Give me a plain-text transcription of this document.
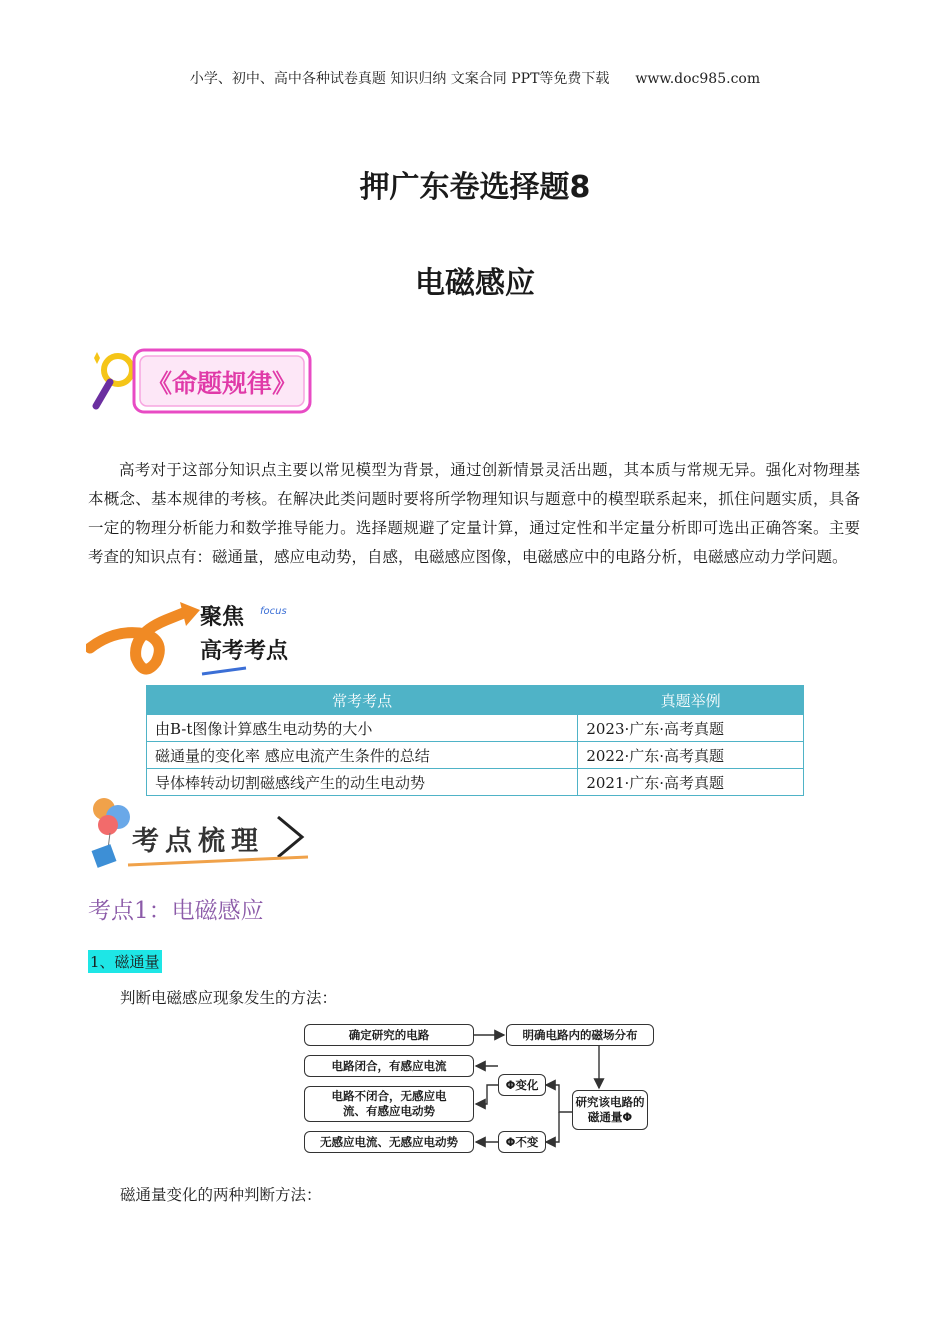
小学、初中、高中各种试卷真题 知识归纳 文案合同 PPT等免费下载 www.doc985.com
押广东卷选择题8
电磁感应
《命题规律》
高考对于这部分知识点主要以常见模型为背景，通过创新情景灵活出题，其本质与常规无异。强化对物理基本概念、基本规律的考核。在解决此类问题时要将所学物理知识与题意中的模型联系起来，抓住问题实质，具备一定的物理分析能力和数学推导能力。选择题规避了定量计算，通过定性和半定量分析即可选出正确答案。主要考查的知识点有：磁通量，感应电动势，自感，电磁感应图像，电磁感应中的电路分析，电磁感应动力学问题。
聚焦 focus
高考考点
常考考点	真题举例
由B-t图像计算感生电动势的大小	2023·广东·高考真题
磁通量的变化率 感应电流产生条件的总结	2022·广东·高考真题
导体棒转动切割磁感线产生的动生电动势	2021·广东·高考真题
考点梳理
考点1：电磁感应
1、磁通量
判断电磁感应现象发生的方法：
确定研究的电路	明确电路内的磁场分布
研究该电路的磁通量Φ
Φ变化
Φ不变
电路闭合，有感应电流
电路不闭合，无感应电流、有感应电动势
无感应电流、无感应电动势
磁通量变化的两种判断方法：
